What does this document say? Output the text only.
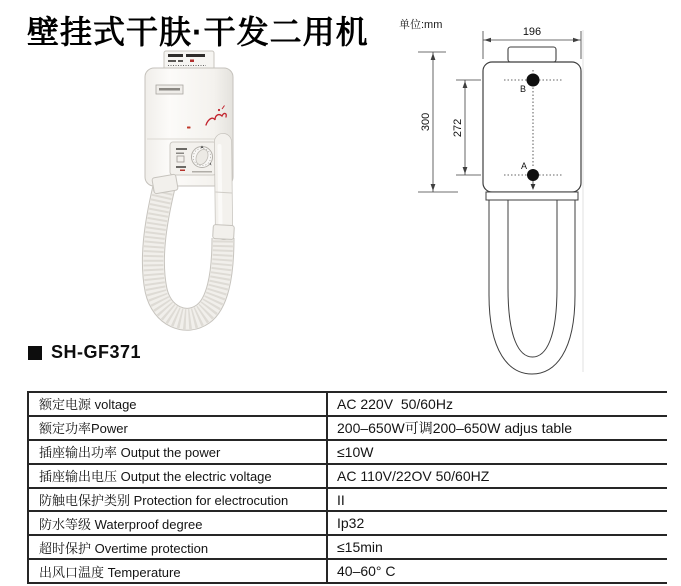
壁挂式干肤·干发二用机	单位:mm
196
300 272
B
A
SH-GF371
额定电源 voltage	AC 220V  50/60Hz
额定功率Power	200–650W可调200–650W adjus table
插座输出功率 Output the power	≤10W
插座输出电压 Output the electric voltage	AC 110V/22OV 50/60HZ
防触电保护类别 Protection for electrocution	II
防水等级 Waterproof degree	Ip32
超时保护 Overtime protection	≤15min
出风口温度 Temperature	40–60° C
